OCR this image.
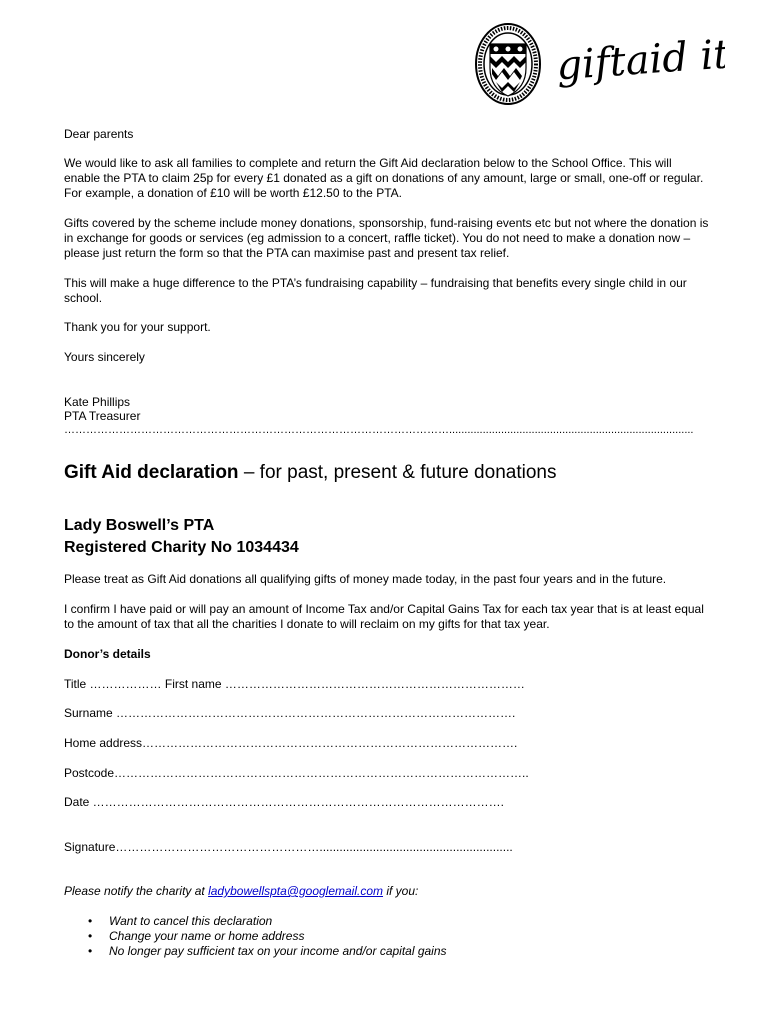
giftaid it

Dear parents

We would like to ask all families to complete and return the Gift Aid declaration below to the School Office. This will enable the PTA to claim 25p for every £1 donated as a gift on donations of any amount, large or small, one-off or regular. For example, a donation of £10 will be worth £12.50 to the PTA.

Gifts covered by the scheme include money donations, sponsorship, fund-raising events etc but not where the donation is in exchange for goods or services (eg admission to a concert, raffle ticket). You do not need to make a donation now – please just return the form so that the PTA can maximise past and present tax relief.

This will make a huge difference to the PTA’s fundraising capability – fundraising that benefits every single child in our school.

Thank you for your support.

Yours sincerely

Kate Phillips

PTA Treasurer

……………………………………………………………………………………………................................................................................

Gift Aid declaration – for past, present & future donations

Lady Boswell’s PTA

Registered Charity No 1034434

Please treat as Gift Aid donations all qualifying gifts of money made today, in the past four years and in the future.

I confirm I have paid or will pay an amount of Income Tax and/or Capital Gains Tax for each tax year that is at least equal to the amount of tax that all the charities I donate to will reclaim on my gifts for that tax year.

Donor’s details

Title ……………… First name …………………………………………………………………
Surname ……………………………………………………………………………………….
Home address………………………………………………………………………………….
Postcode…………………………………………………………………………………………..
Date ………………………………………………………………………………………….
Signature……………………………………………..........................................................

Please notify the charity at ladybowellspta@googlemail.com if you:

• Want to cancel this declaration
• Change your name or home address
• No longer pay sufficient tax on your income and/or capital gains
